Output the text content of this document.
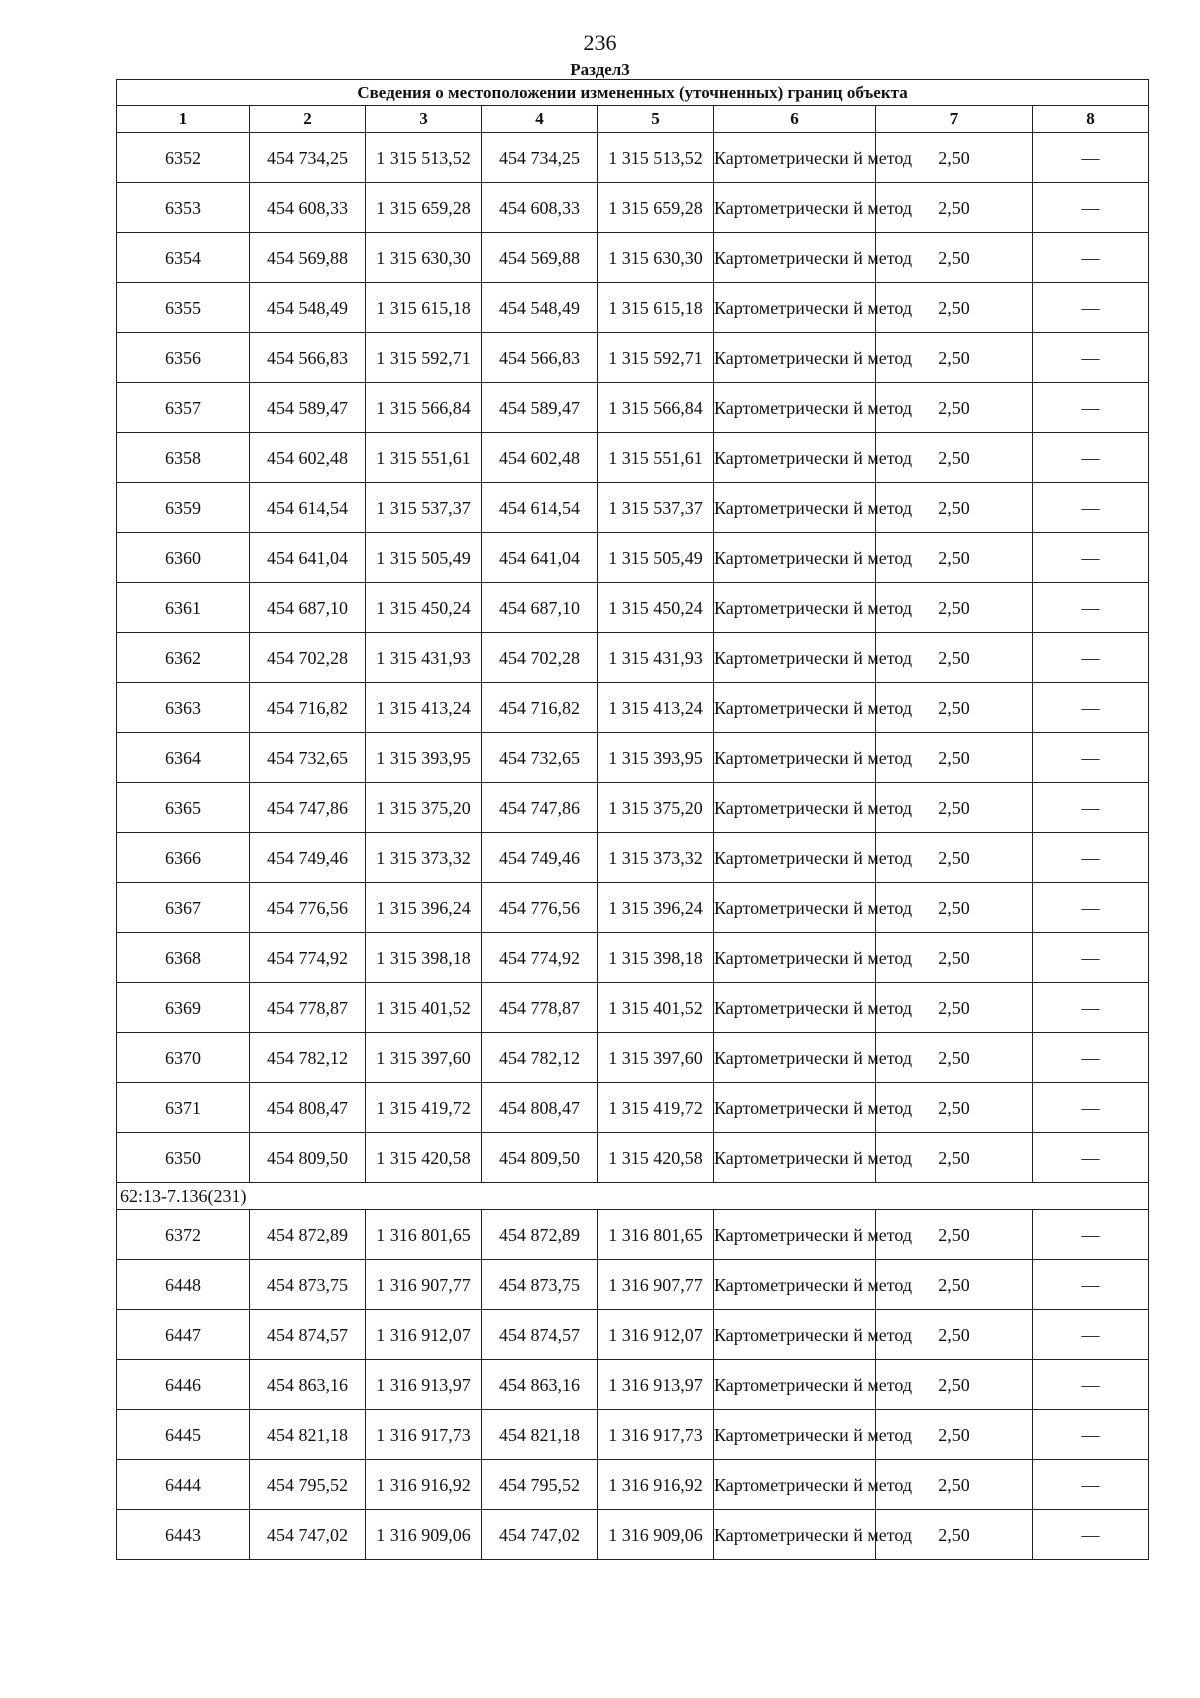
236
Раздел3
Сведения о местоположении измененных (уточненных) границ объекта							
1	2	3	4	5	6	7	8
6352	454 734,25	1 315 513,52	454 734,25	1 315 513,52	Картометрически й метод	2,50	—
6353	454 608,33	1 315 659,28	454 608,33	1 315 659,28	Картометрически й метод	2,50	—
6354	454 569,88	1 315 630,30	454 569,88	1 315 630,30	Картометрически й метод	2,50	—
6355	454 548,49	1 315 615,18	454 548,49	1 315 615,18	Картометрически й метод	2,50	—
6356	454 566,83	1 315 592,71	454 566,83	1 315 592,71	Картометрически й метод	2,50	—
6357	454 589,47	1 315 566,84	454 589,47	1 315 566,84	Картометрически й метод	2,50	—
6358	454 602,48	1 315 551,61	454 602,48	1 315 551,61	Картометрически й метод	2,50	—
6359	454 614,54	1 315 537,37	454 614,54	1 315 537,37	Картометрически й метод	2,50	—
6360	454 641,04	1 315 505,49	454 641,04	1 315 505,49	Картометрически й метод	2,50	—
6361	454 687,10	1 315 450,24	454 687,10	1 315 450,24	Картометрически й метод	2,50	—
6362	454 702,28	1 315 431,93	454 702,28	1 315 431,93	Картометрически й метод	2,50	—
6363	454 716,82	1 315 413,24	454 716,82	1 315 413,24	Картометрически й метод	2,50	—
6364	454 732,65	1 315 393,95	454 732,65	1 315 393,95	Картометрически й метод	2,50	—
6365	454 747,86	1 315 375,20	454 747,86	1 315 375,20	Картометрически й метод	2,50	—
6366	454 749,46	1 315 373,32	454 749,46	1 315 373,32	Картометрически й метод	2,50	—
6367	454 776,56	1 315 396,24	454 776,56	1 315 396,24	Картометрически й метод	2,50	—
6368	454 774,92	1 315 398,18	454 774,92	1 315 398,18	Картометрически й метод	2,50	—
6369	454 778,87	1 315 401,52	454 778,87	1 315 401,52	Картометрически й метод	2,50	—
6370	454 782,12	1 315 397,60	454 782,12	1 315 397,60	Картометрически й метод	2,50	—
6371	454 808,47	1 315 419,72	454 808,47	1 315 419,72	Картометрически й метод	2,50	—
6350	454 809,50	1 315 420,58	454 809,50	1 315 420,58	Картометрически й метод	2,50	—
62:13-7.136(231)							
6372	454 872,89	1 316 801,65	454 872,89	1 316 801,65	Картометрически й метод	2,50	—
6448	454 873,75	1 316 907,77	454 873,75	1 316 907,77	Картометрически й метод	2,50	—
6447	454 874,57	1 316 912,07	454 874,57	1 316 912,07	Картометрически й метод	2,50	—
6446	454 863,16	1 316 913,97	454 863,16	1 316 913,97	Картометрически й метод	2,50	—
6445	454 821,18	1 316 917,73	454 821,18	1 316 917,73	Картометрически й метод	2,50	—
6444	454 795,52	1 316 916,92	454 795,52	1 316 916,92	Картометрически й метод	2,50	—
6443	454 747,02	1 316 909,06	454 747,02	1 316 909,06	Картометрически й метод	2,50	—
